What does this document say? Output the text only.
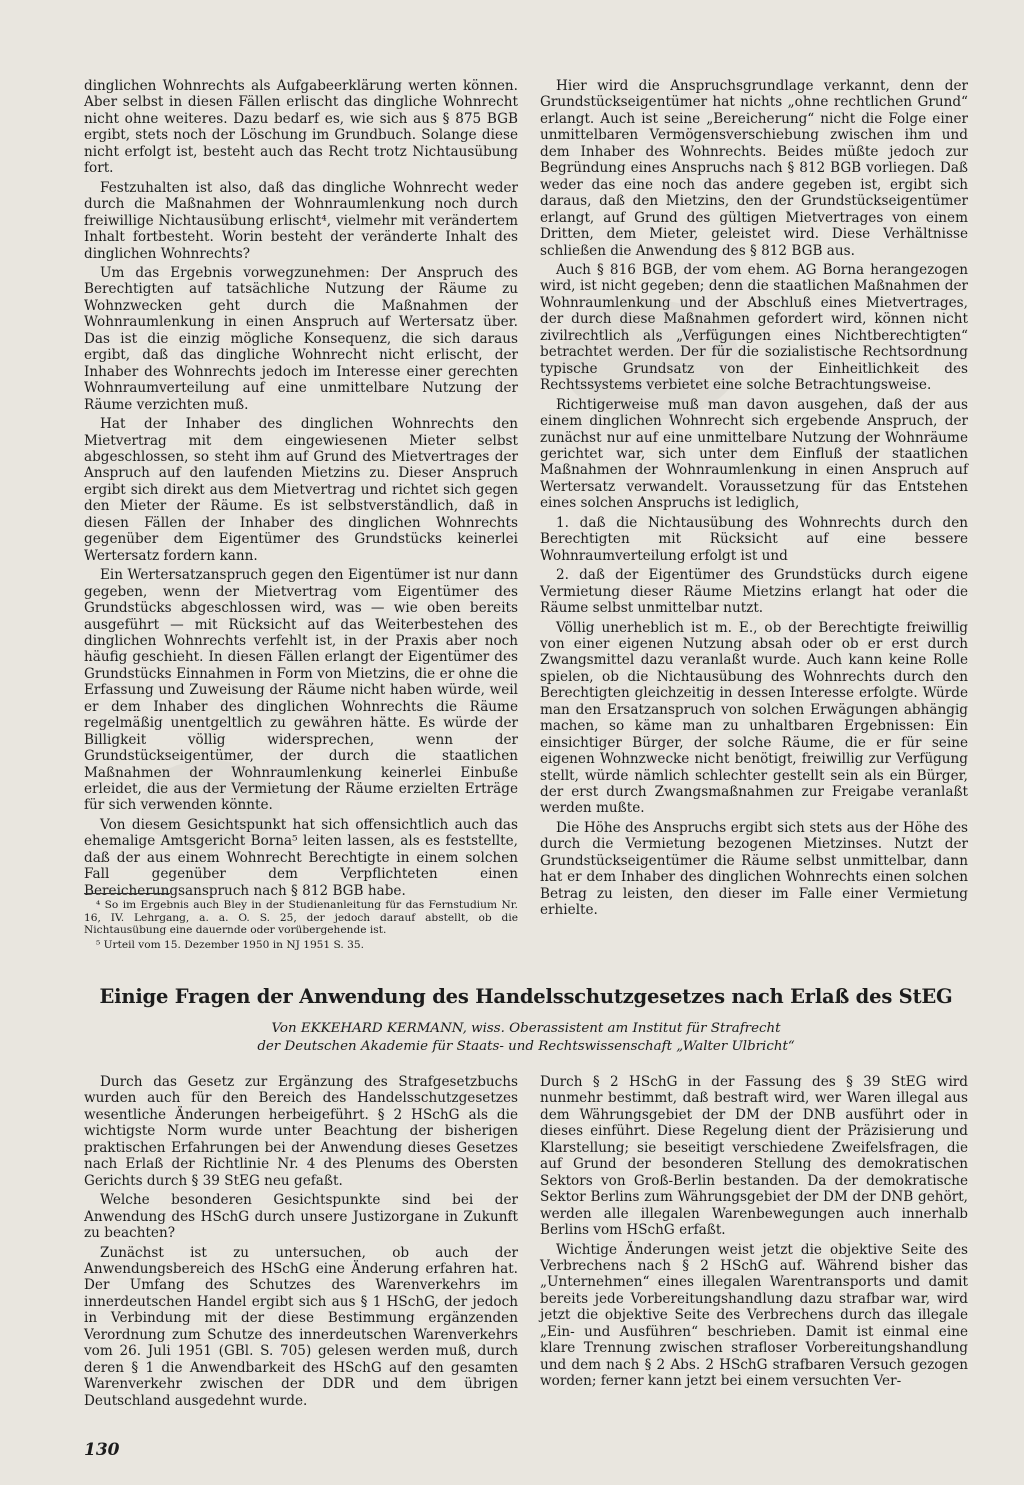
dinglichen Wohnrechts als Aufgabeerklärung werten können. Aber selbst in diesen Fällen erlischt das dingliche Wohnrecht nicht ohne weiteres. Dazu bedarf es, wie sich aus § 875 BGB ergibt, stets noch der Löschung im Grundbuch. Solange diese nicht erfolgt ist, besteht auch das Recht trotz Nichtausübung fort.

Festzuhalten ist also, daß das dingliche Wohnrecht weder durch die Maßnahmen der Wohnraumlenkung noch durch freiwillige Nichtausübung erlischt⁴, vielmehr mit verändertem Inhalt fortbesteht. Worin besteht der veränderte Inhalt des dinglichen Wohnrechts?

Um das Ergebnis vorwegzunehmen: Der Anspruch des Berechtigten auf tatsächliche Nutzung der Räume zu Wohnzwecken geht durch die Maßnahmen der Wohnraumlenkung in einen Anspruch auf Wertersatz über. Das ist die einzig mögliche Konsequenz, die sich daraus ergibt, daß das dingliche Wohnrecht nicht erlischt, der Inhaber des Wohnrechts jedoch im Interesse einer gerechten Wohnraumverteilung auf eine unmittelbare Nutzung der Räume verzichten muß.

Hat der Inhaber des dinglichen Wohnrechts den Mietvertrag mit dem eingewiesenen Mieter selbst abgeschlossen, so steht ihm auf Grund des Mietvertrages der Anspruch auf den laufenden Mietzins zu. Dieser Anspruch ergibt sich direkt aus dem Mietvertrag und richtet sich gegen den Mieter der Räume. Es ist selbstverständlich, daß in diesen Fällen der Inhaber des dinglichen Wohnrechts gegenüber dem Eigentümer des Grundstücks keinerlei Wertersatz fordern kann.

Ein Wertersatzanspruch gegen den Eigentümer ist nur dann gegeben, wenn der Mietvertrag vom Eigentümer des Grundstücks abgeschlossen wird, was — wie oben bereits ausgeführt — mit Rücksicht auf das Weiterbestehen des dinglichen Wohnrechts verfehlt ist, in der Praxis aber noch häufig geschieht. In diesen Fällen erlangt der Eigentümer des Grundstücks Einnahmen in Form von Mietzins, die er ohne die Erfassung und Zuweisung der Räume nicht haben würde, weil er dem Inhaber des dinglichen Wohnrechts die Räume regelmäßig unentgeltlich zu gewähren hätte. Es würde der Billigkeit völlig widersprechen, wenn der Grundstückseigentümer, der durch die staatlichen Maßnahmen der Wohnraumlenkung keinerlei Einbuße erleidet, die aus der Vermietung der Räume erzielten Erträge für sich verwenden könnte.

Von diesem Gesichtspunkt hat sich offensichtlich auch das ehemalige Amtsgericht Borna⁵ leiten lassen, als es feststellte, daß der aus einem Wohnrecht Berechtigte in einem solchen Fall gegenüber dem Verpflichteten einen Bereicherungsanspruch nach § 812 BGB habe.

⁴ So im Ergebnis auch Bley in der Studienanleitung für das Fernstudium Nr. 16, IV. Lehrgang, a. a. O. S. 25, der jedoch darauf abstellt, ob die Nichtausübung eine dauernde oder vorübergehende ist.

⁵ Urteil vom 15. Dezember 1950 in NJ 1951 S. 35.

Hier wird die Anspruchsgrundlage verkannt, denn der Grundstückseigentümer hat nichts „ohne rechtlichen Grund“ erlangt. Auch ist seine „Bereicherung“ nicht die Folge einer unmittelbaren Vermögensverschiebung zwischen ihm und dem Inhaber des Wohnrechts. Beides müßte jedoch zur Begründung eines Anspruchs nach § 812 BGB vorliegen. Daß weder das eine noch das andere gegeben ist, ergibt sich daraus, daß den Mietzins, den der Grundstückseigentümer erlangt, auf Grund des gültigen Mietvertrages von einem Dritten, dem Mieter, geleistet wird. Diese Verhältnisse schließen die Anwendung des § 812 BGB aus.

Auch § 816 BGB, der vom ehem. AG Borna herangezogen wird, ist nicht gegeben; denn die staatlichen Maßnahmen der Wohnraumlenkung und der Abschluß eines Mietvertrages, der durch diese Maßnahmen gefordert wird, können nicht zivilrechtlich als „Verfügungen eines Nichtberechtigten“ betrachtet werden. Der für die sozialistische Rechtsordnung typische Grundsatz von der Einheitlichkeit des Rechtssystems verbietet eine solche Betrachtungsweise.

Richtigerweise muß man davon ausgehen, daß der aus einem dinglichen Wohnrecht sich ergebende Anspruch, der zunächst nur auf eine unmittelbare Nutzung der Wohnräume gerichtet war, sich unter dem Einfluß der staatlichen Maßnahmen der Wohnraumlenkung in einen Anspruch auf Wertersatz verwandelt. Voraussetzung für das Entstehen eines solchen Anspruchs ist lediglich,

1. daß die Nichtausübung des Wohnrechts durch den Berechtigten mit Rücksicht auf eine bessere Wohnraumverteilung erfolgt ist und

2. daß der Eigentümer des Grundstücks durch eigene Vermietung dieser Räume Mietzins erlangt hat oder die Räume selbst unmittelbar nutzt.

Völlig unerheblich ist m. E., ob der Berechtigte freiwillig von einer eigenen Nutzung absah oder ob er erst durch Zwangsmittel dazu veranlaßt wurde. Auch kann keine Rolle spielen, ob die Nichtausübung des Wohnrechts durch den Berechtigten gleichzeitig in dessen Interesse erfolgte. Würde man den Ersatzanspruch von solchen Erwägungen abhängig machen, so käme man zu unhaltbaren Ergebnissen: Ein einsichtiger Bürger, der solche Räume, die er für seine eigenen Wohnzwecke nicht benötigt, freiwillig zur Verfügung stellt, würde nämlich schlechter gestellt sein als ein Bürger, der erst durch Zwangsmaßnahmen zur Freigabe veranlaßt werden mußte.

Die Höhe des Anspruchs ergibt sich stets aus der Höhe des durch die Vermietung bezogenen Mietzinses. Nutzt der Grundstückseigentümer die Räume selbst unmittelbar, dann hat er dem Inhaber des dinglichen Wohnrechts einen solchen Betrag zu leisten, den dieser im Falle einer Vermietung erhielte.

Einige Fragen der Anwendung des Handelsschutzgesetzes nach Erlaß des StEG
Von EKKEHARD KERMANN, wiss. Oberassistent am Institut für Strafrecht
der Deutschen Akademie für Staats- und Rechtswissenschaft „Walter Ulbricht“

Durch das Gesetz zur Ergänzung des Strafgesetzbuchs wurden auch für den Bereich des Handelsschutzgesetzes wesentliche Änderungen herbeigeführt. § 2 HSchG als die wichtigste Norm wurde unter Beachtung der bisherigen praktischen Erfahrungen bei der Anwendung dieses Gesetzes nach Erlaß der Richtlinie Nr. 4 des Plenums des Obersten Gerichts durch § 39 StEG neu gefaßt.

Welche besonderen Gesichtspunkte sind bei der Anwendung des HSchG durch unsere Justizorgane in Zukunft zu beachten?

Zunächst ist zu untersuchen, ob auch der Anwendungsbereich des HSchG eine Änderung erfahren hat. Der Umfang des Schutzes des Warenverkehrs im innerdeutschen Handel ergibt sich aus § 1 HSchG, der jedoch in Verbindung mit der diese Bestimmung ergänzenden Verordnung zum Schutze des innerdeutschen Warenverkehrs vom 26. Juli 1951 (GBl. S. 705) gelesen werden muß, durch deren § 1 die Anwendbarkeit des HSchG auf den gesamten Warenverkehr zwischen der DDR und dem übrigen Deutschland ausgedehnt wurde.

Durch § 2 HSchG in der Fassung des § 39 StEG wird nunmehr bestimmt, daß bestraft wird, wer Waren illegal aus dem Währungsgebiet der DM der DNB ausführt oder in dieses einführt. Diese Regelung dient der Präzisierung und Klarstellung; sie beseitigt verschiedene Zweifelsfragen, die auf Grund der besonderen Stellung des demokratischen Sektors von Groß-Berlin bestanden. Da der demokratische Sektor Berlins zum Währungsgebiet der DM der DNB gehört, werden alle illegalen Warenbewegungen auch innerhalb Berlins vom HSchG erfaßt.

Wichtige Änderungen weist jetzt die objektive Seite des Verbrechens nach § 2 HSchG auf. Während bisher das „Unternehmen“ eines illegalen Warentransports und damit bereits jede Vorbereitungshandlung dazu strafbar war, wird jetzt die objektive Seite des Verbrechens durch das illegale „Ein- und Ausführen“ beschrieben. Damit ist einmal eine klare Trennung zwischen strafloser Vorbereitungshandlung und dem nach § 2 Abs. 2 HSchG strafbaren Versuch gezogen worden; ferner kann jetzt bei einem versuchten Ver-

130
